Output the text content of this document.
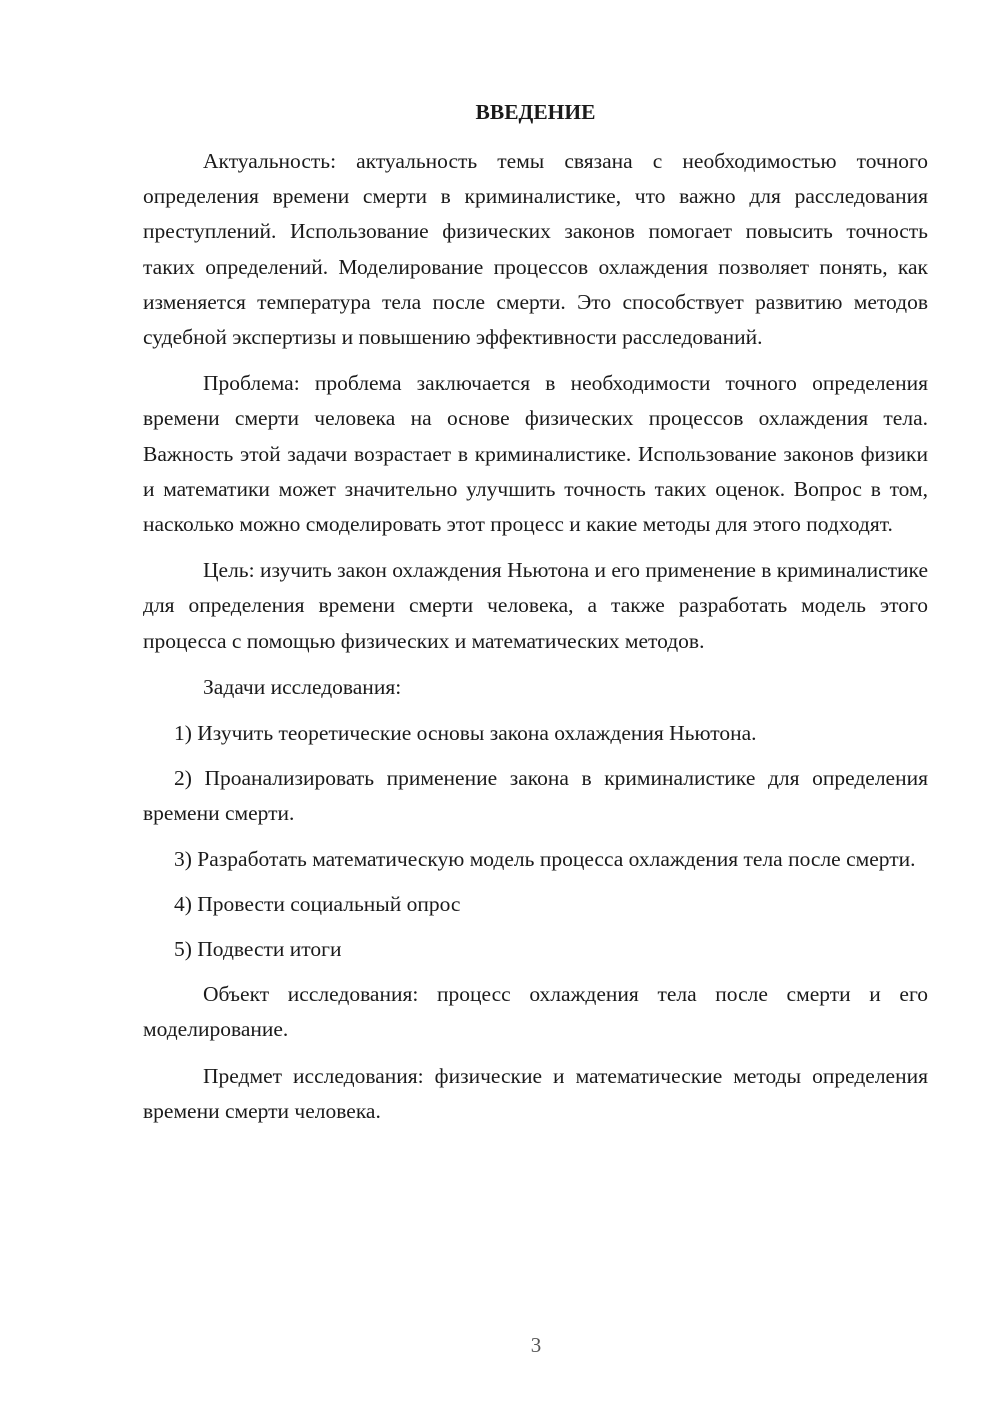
ВВЕДЕНИЕ

Актуальность: актуальность темы связана с необходимостью точного определения времени смерти в криминалистике, что важно для расследования преступлений. Использование физических законов помогает повысить точность таких определений. Моделирование процессов охлаждения позволяет понять, как изменяется температура тела после смерти. Это способствует развитию методов судебной экспертизы и повышению эффективности расследований.

Проблема: проблема заключается в необходимости точного определения времени смерти человека на основе физических процессов охлаждения тела. Важность этой задачи возрастает в криминалистике. Использование законов физики и математики может значительно улучшить точность таких оценок. Вопрос в том, насколько можно смоделировать этот процесс и какие методы для этого подходят.

Цель: изучить закон охлаждения Ньютона и его применение в криминалистике для определения времени смерти человека, а также разработать модель этого процесса с помощью физических и математических методов.

Задачи исследования:

1) Изучить теоретические основы закона охлаждения Ньютона.

2) Проанализировать применение закона в криминалистике для определения времени смерти.

3) Разработать математическую модель процесса охлаждения тела после смерти.

4) Провести социальный опрос

5) Подвести итоги

Объект исследования: процесс охлаждения тела после смерти и его моделирование.

Предмет исследования: физические и математические методы определения времени смерти человека.

3
